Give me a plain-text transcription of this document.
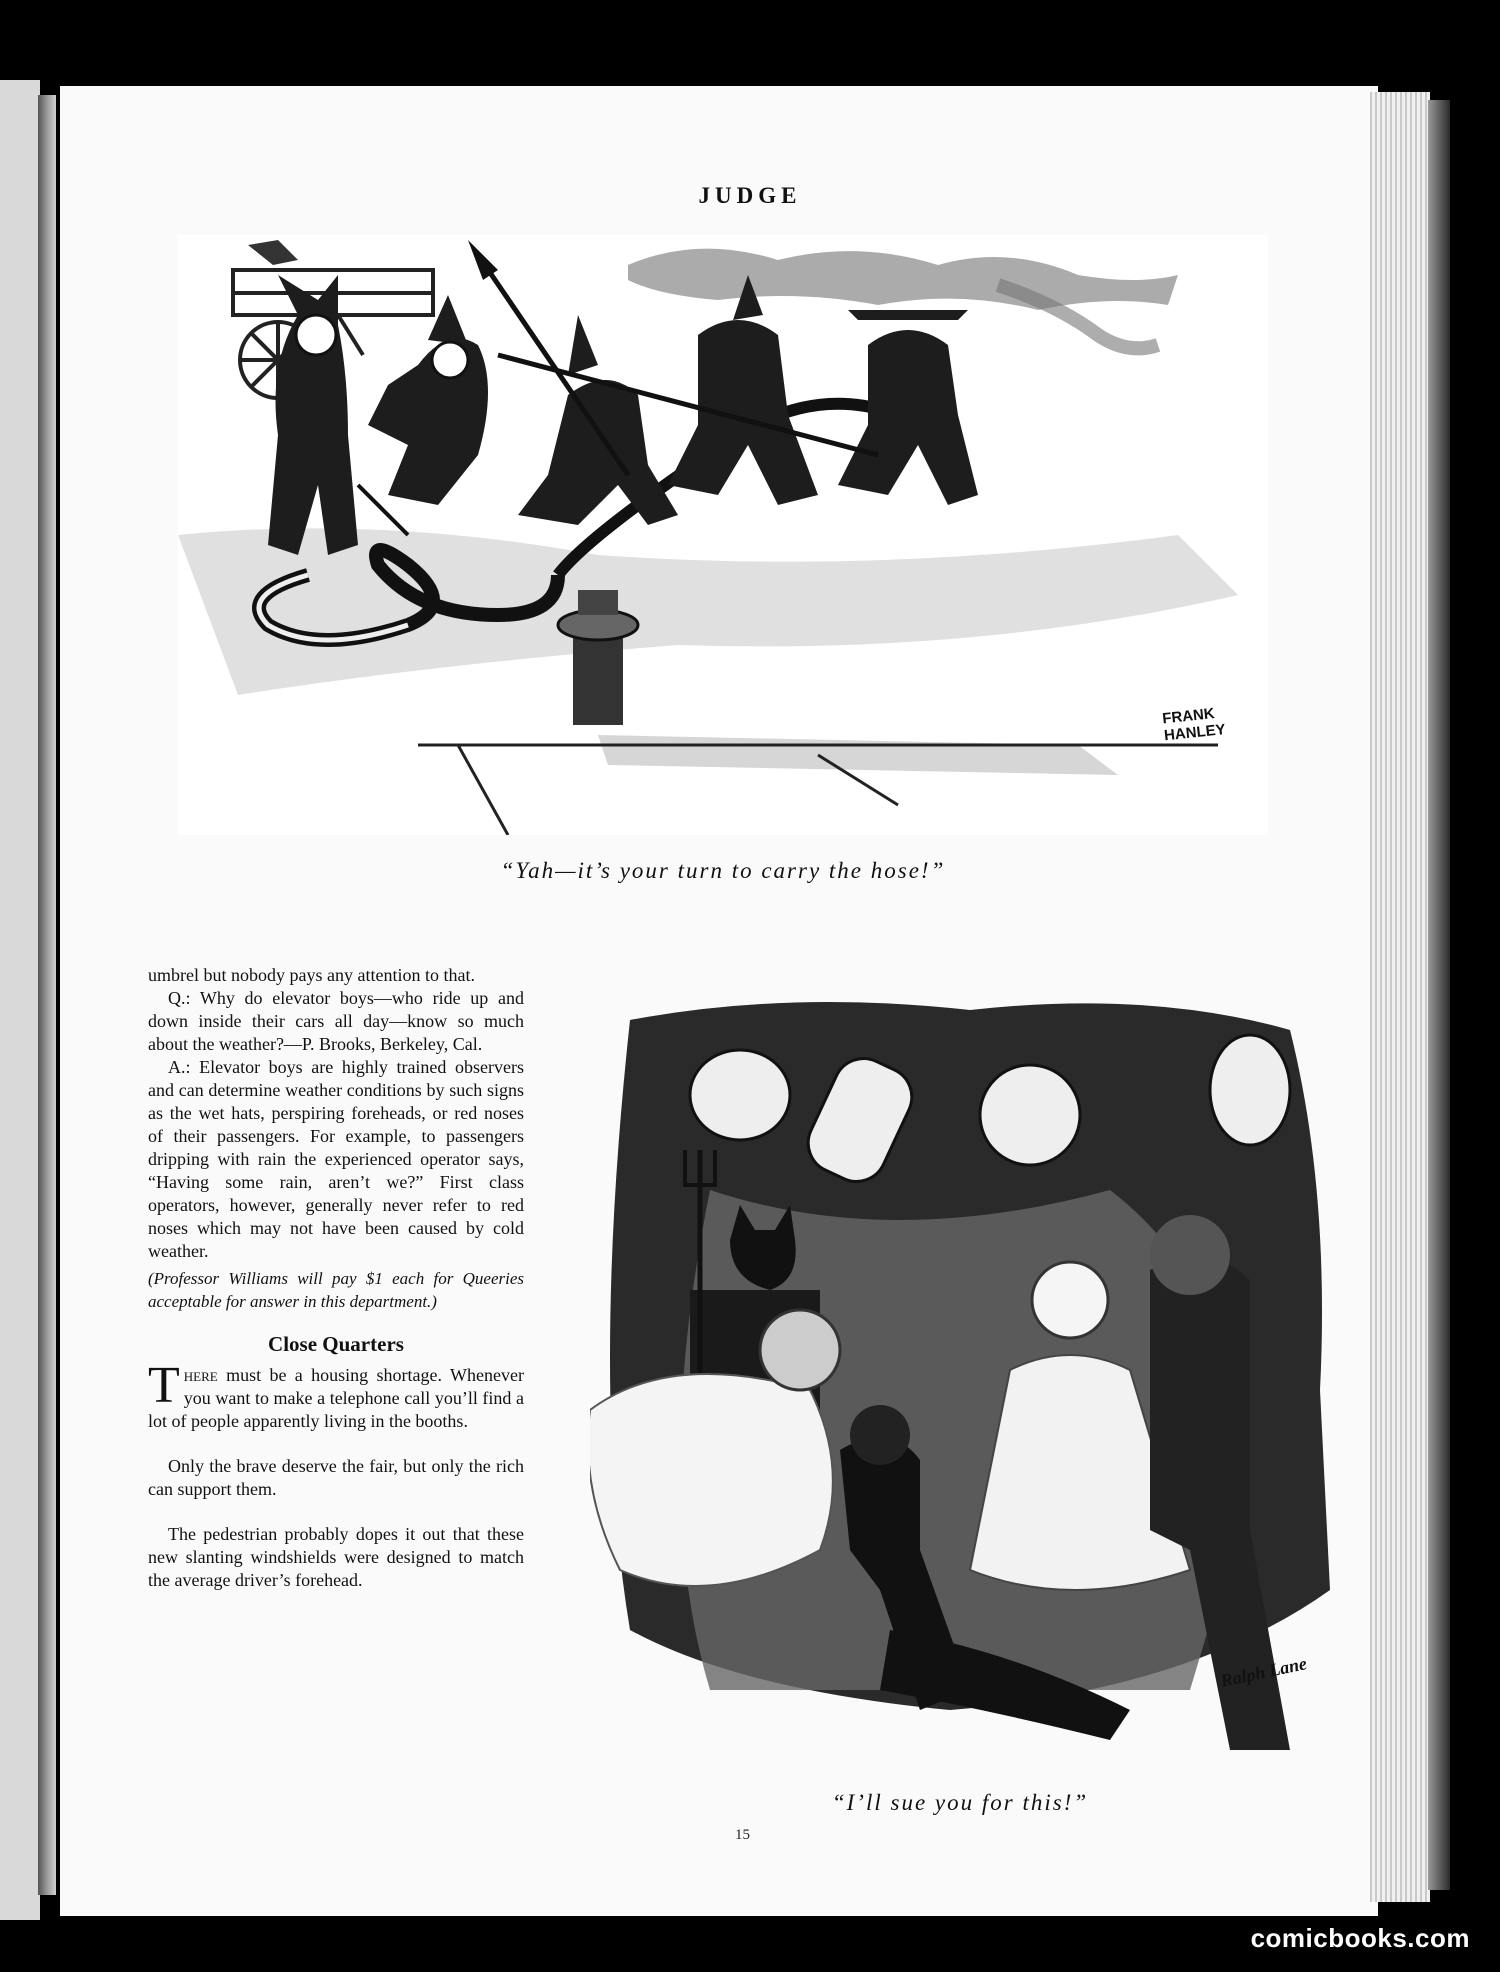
JUDGE
FRANK HANLEY
“Yah—it’s your turn to carry the hose!”

umbrel but nobody pays any attention to that.

Q.: Why do elevator boys—who ride up and down inside their cars all day—know so much about the weather?—P. Brooks, Berkeley, Cal.

A.: Elevator boys are highly trained observers and can determine weather conditions by such signs as the wet hats, perspiring foreheads, or red noses of their passengers. For example, to passengers dripping with rain the experienced operator says, “Having some rain, aren’t we?” First class operators, however, generally never refer to red noses which may not have been caused by cold weather.

(Professor Williams will pay $1 each for Queeries acceptable for answer in this department.)

Close Quarters

There must be a housing shortage. Whenever you want to make a telephone call you’ll find a lot of people apparently living in the booths.

Only the brave deserve the fair, but only the rich can support them.

The pedestrian probably dopes it out that these new slanting windshields were designed to match the average driver’s forehead.

Ralph Lane
“I’ll sue you for this!”
15
comicbooks.com
